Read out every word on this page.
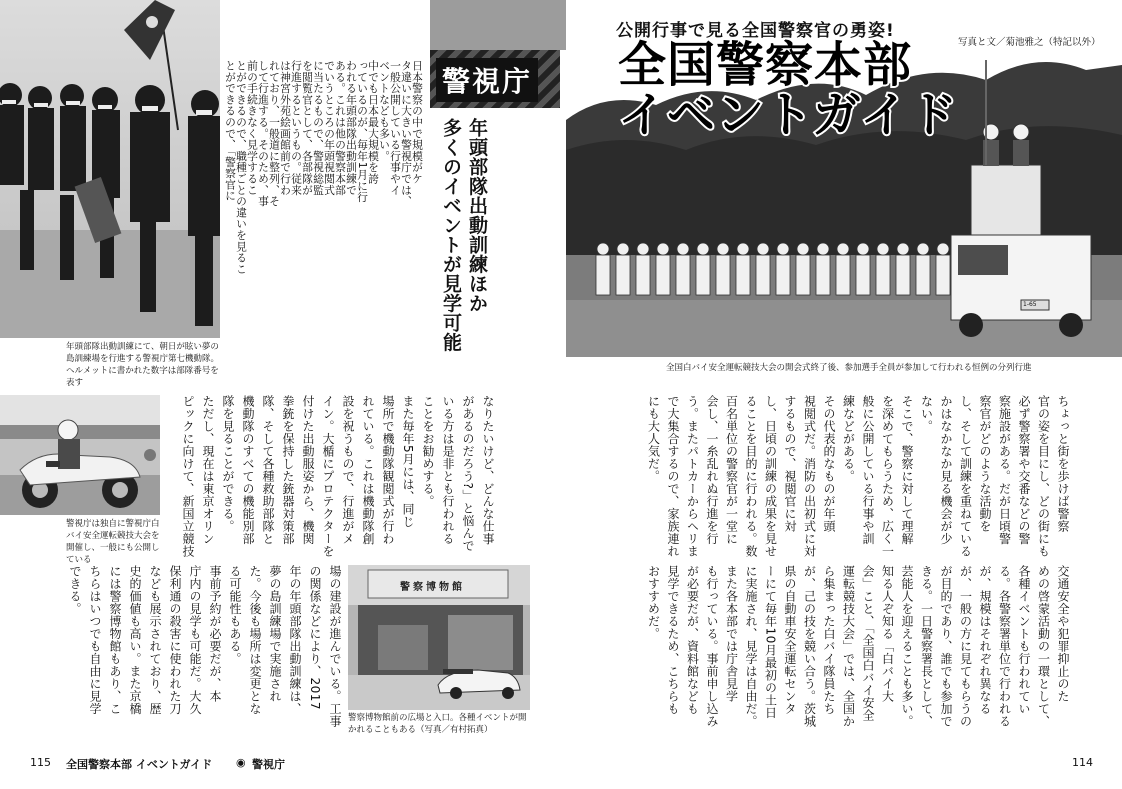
年頭部隊出動訓練にて、朝日が眩い夢の島訓練場を行進する警視庁第七機動隊。ヘルメットに書かれた数字は部隊番号を表す
警視庁は独自に警視庁白バイ安全運転競技大会を開催し、一般にも公開している
警視庁
年頭部隊出動訓練ほか
多くのイベントが見学可能
日本警察の中で規模がケ
タ違いに大きい警視庁では、
一般公開している行事やイ
ベントなども多い。
中でも日本最大規模を誇
っているのが、毎年1月に行
われる年頭部隊出動訓練で
ある。これは他の警察本部
でいうところの年頭視閲式
に当たるもので、警視総監
を閲覧官として、各部隊が
行進するというもの。従来
は神宮外苑絵画館前で行わ
れており、一般道に整列、そ
して行進する。そのため、事
前の手続きなく見学するこ
とができるので、職種ごとの違いを見るこ
とができるので、「警察官に
なりたいけど、どんな仕事
があるのだろう?」と悩んで
いる方は是非とも行われる
ことをお勧めする。
また毎年5月には、同じ
場所で機動隊観閲式が行わ
れている。これは機動隊創
設を祝うもので、行進がメ
イン。大楯にプロテクターを
付けた出動服姿から、機関
拳銃を保持した銃器対策部
隊、そして各種救助部隊と
機動隊のすべての機能別部
隊を見ることができる。
ただし、現在は東京オリン
ピックに向けて、新国立競技
場の建設が進んでいる。工事
の関係などにより、2017
年の年頭部隊出動訓練は、
夢の島訓練場で実施され
た。今後も場所は変更とな
る可能性もある。
事前予約が必要だが、本
庁内の見学も可能だ。大久
保利通の殺害に使われた刀
なども展示されており、歴
史的価値も高い。また京橋
には警察博物館もあり、こ
ちらはいつでも自由に見学
できる。	警察博物館
警察博物館前の広場と入口。各種イベントが開かれることもある（写真／有村拓真）
1-65
公開行事で見る全国警察官の勇姿!
写真と文／菊池雅之（特記以外）
全国警察本部
イベントガイド
全国白バイ安全運転競技大会の開会式終了後、参加選手全員が参加して行われる恒例の分列行進
ちょっと街を歩けば警察
官の姿を目にし、どの街にも
必ず警察署や交番などの警
察施設がある。だが日頃警
察官がどのような活動を
し、そして訓練を重ねている
かはなかなか見る機会が少
ない。
そこで、警察に対して理解
を深めてもらうため、広く一
般に公開している行事や訓
練などがある。
その代表的なものが年頭
視閲式だ。消防の出初式に対
するもので、視閲官に対
し、日頃の訓練の成果を見せ
ることを目的に行われる。数
百名単位の警察官が一堂に
会し、一糸乱れぬ行進を行
う。またパトカーからヘリま
で大集合するので、家族連れ
にも大人気だ。
交通安全や犯罪抑止のた
めの啓蒙活動の一環として、
各種イベントも行われてい
る。各警察署単位で行われる
が、規模はそれぞれ異なる
が、一般の方に見てもらうの
が目的であり、誰でも参加で
きる。一日警察署長として、
芸能人を迎えることも多い。
知る人ぞ知る「白バイ大
会」こと、「全国白バイ安全
運転競技大会」では、全国か
ら集まった白バイ隊員たち
が、己の技を競い合う。茨城
県の自動車安全運転センタ
ーにて毎年10月最初の土日
に実施され、見学は自由だ。
また各本部では庁舎見学
も行っている。事前申し込み
が必要だが、資料館なども
見学できるため、こちらも
おすすめだ。
115 全国警察本部 イベントガイド ◉ 警視庁	114
